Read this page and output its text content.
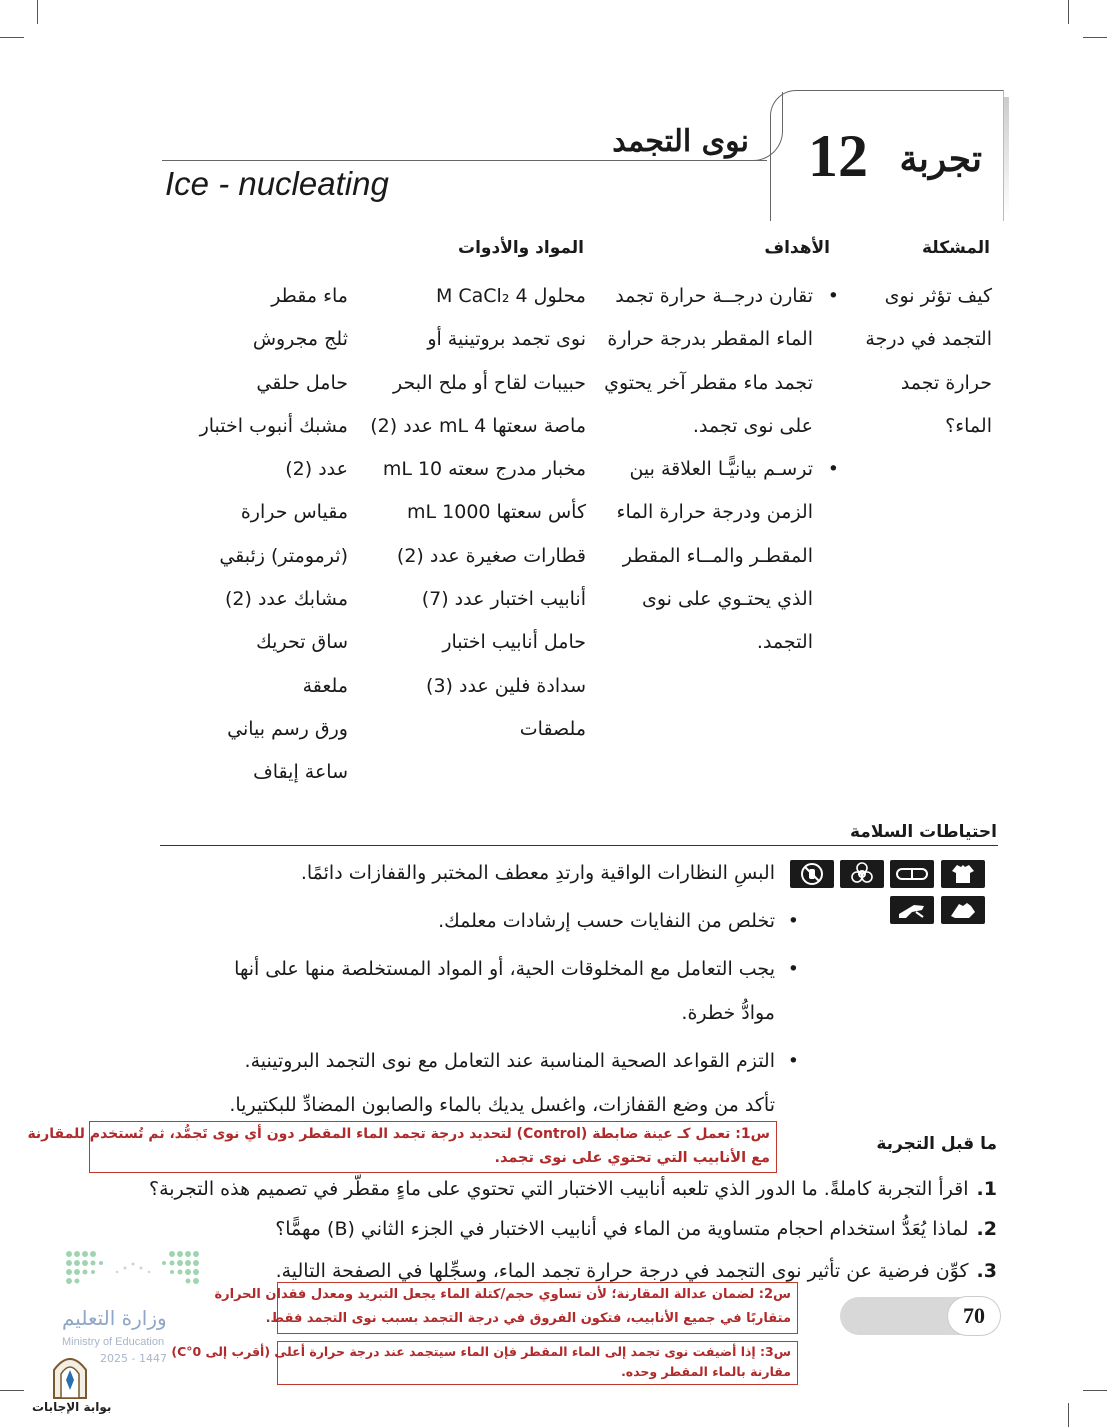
تجربة
12
نوى التجمد
Ice - nucleating
المشكلة
الأهداف
المواد والأدوات
كيف تؤثر نوى
التجمد في درجة
حرارة تجمد
الماء؟
•
تقارن درجــة حرارة تجمد
الماء المقطر بدرجة حرارة
تجمد ماء مقطر آخر يحتوي
على نوى تجمد.
•
ترسـم بيانيًّـا العلاقة بين
الزمن ودرجة حرارة الماء
المقطـر والمــاء المقطر
الذي يحتـوي على نوى
التجمد.
محلول 4 M CaCl₂
نوى تجمد بروتينية أو
حبيبات لقاح أو ملح البحر
ماصة سعتها 4 mL عدد (2)
مخبار مدرج سعته 10 mL
كأس سعتها 1000 mL
قطارات صغيرة عدد (2)
أنابيب اختبار عدد (7)
حامل أنابيب اختبار
سدادة فلين عدد (3)
ملصقات
ماء مقطر
ثلج مجروش
حامل حلقي
مشبك أنبوب اختبار
عدد (2)
مقياس حرارة
(ثرمومتر) زئبقي
مشابك عدد (2)
ساق تحريك
ملعقة
ورق رسم بياني
ساعة إيقاف
احتياطات السلامة
•
البسِ النظارات الواقية وارتدِ معطف المختبر والقفازات دائمًا.
•
تخلص من النفايات حسب إرشادات معلمك.
•
يجب التعامل مع المخلوقات الحية، أو المواد المستخلصة منها على أنها موادُّ خطرة.
•
التزم القواعد الصحية المناسبة عند التعامل مع نوى التجمد البروتينية. تأكد من وضع القفازات، واغسل يديك بالماء والصابون المضادِّ للبكتيريا.
س1: تعمل كـ عينة ضابطة (Control) لتحديد درجة تجمد الماء المقطر دون أي نوى تَجمُّد، ثم تُستخدم للمقارنة
مع الأنابيب التي تحتوي على نوى تجمد.
ما قبل التجربة
1.اقرأ التجربة كاملةً. ما الدور الذي تلعبه أنابيب الاختبار التي تحتوي على ماءٍ مقطّر في تصميم هذه التجربة؟
2.لماذا يُعَدُّ استخدام احجام متساوية من الماء في أنابيب الاختبار في الجزء الثاني (B) مهمًّا؟
3.كوِّن فرضية عن تأثير نوى التجمد في درجة حرارة تجمد الماء، وسجِّلها في الصفحة التالية.
س2: لضمان عدالة المقارنة؛ لأن تساوي حجم/كتلة الماء يجعل التبريد ومعدل فقدان الحرارة
متقاربًا في جميع الأنابيب، فتكون الفروق في درجة التجمد بسبب نوى التجمد فقط.
س3: إذا أضيفت نوى تجمد إلى الماء المقطر فإن الماء سيتجمد عند درجة حرارة أعلى (أقرب إلى C°0)
مقارنة بالماء المقطر وحده.
70
وزارة التعليم
Ministry of Education
2025 - 1447
بوابة الإجابات
